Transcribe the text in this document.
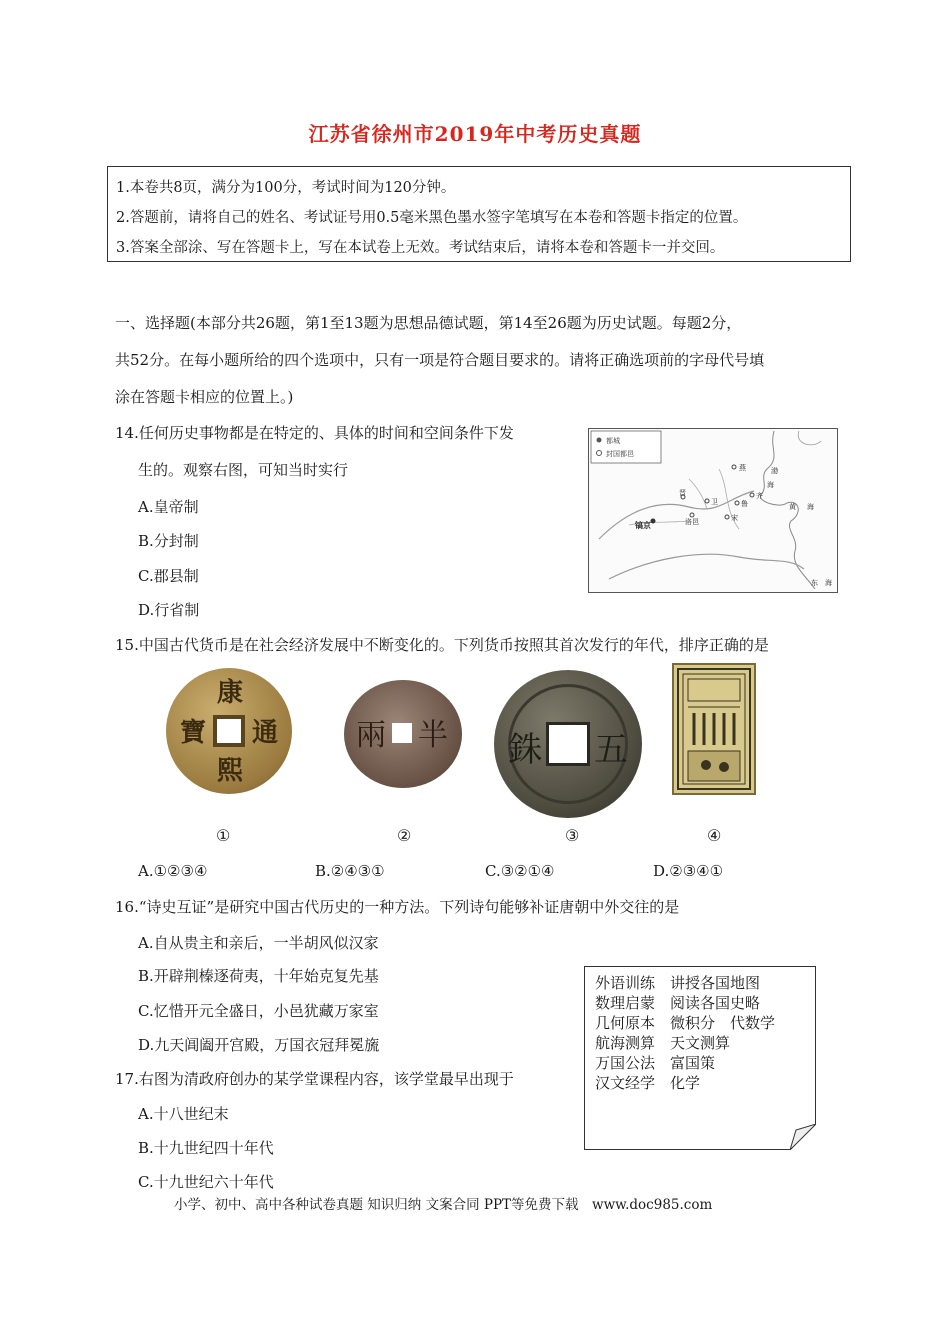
江苏省徐州市2019年中考历史真题
1.本卷共8页，满分为100分，考试时间为120分钟。
2.答题前，请将自己的姓名、考试证号用0.5毫米黑色墨水签字笔填写在本卷和答题卡指定的位置。
3.答案全部涂、写在答题卡上，写在本试卷上无效。考试结束后，请将本卷和答题卡一并交回。
一、选择题(本部分共26题，第1至13题为思想品德试题，第14至26题为历史试题。每题2分，
共52分。在每小题所给的四个选项中，只有一项是符合题目要求的。请将正确选项前的字母代号填
涂在答题卡相应的位置上。)
14.任何历史事物都是在特定的、具体的时间和空间条件下发
生的。观察右图，可知当时实行
A.皇帝制
B.分封制
C.郡县制
D.行省制
都城
封国都邑
燕	渤
海
齐
鲁
卫
晋
洛邑	宋
镐京
黄 海
东 海
15.中国古代货币是在社会经济发展中不断变化的。下列货币按照其首次发行的年代，排序正确的是
康
熙
通
寶	半
兩	五
銖
①	②	③	④
A.①②③④	B.②④③①	C.③②①④	D.②③④①
16.“诗史互证”是研究中国古代历史的一种方法。下列诗句能够补证唐朝中外交往的是
A.自从贵主和亲后，一半胡风似汉家
B.开辟荆榛逐荷夷，十年始克复先基
C.忆惜开元全盛日，小邑犹藏万家室
D.九天阊阖开宫殿，万国衣冠拜冕旒
17.右图为清政府创办的某学堂课程内容，该学堂最早出现于
A.十八世纪末
B.十九世纪四十年代
C.十九世纪六十年代
外语训练　讲授各国地图
数理启蒙　阅读各国史略
几何原本　微积分　代数学
航海测算　天文测算
万国公法　富国策
汉文经学　化学
小学、初中、高中各种试卷真题 知识归纳 文案合同 PPT等免费下载　www.doc985.com
